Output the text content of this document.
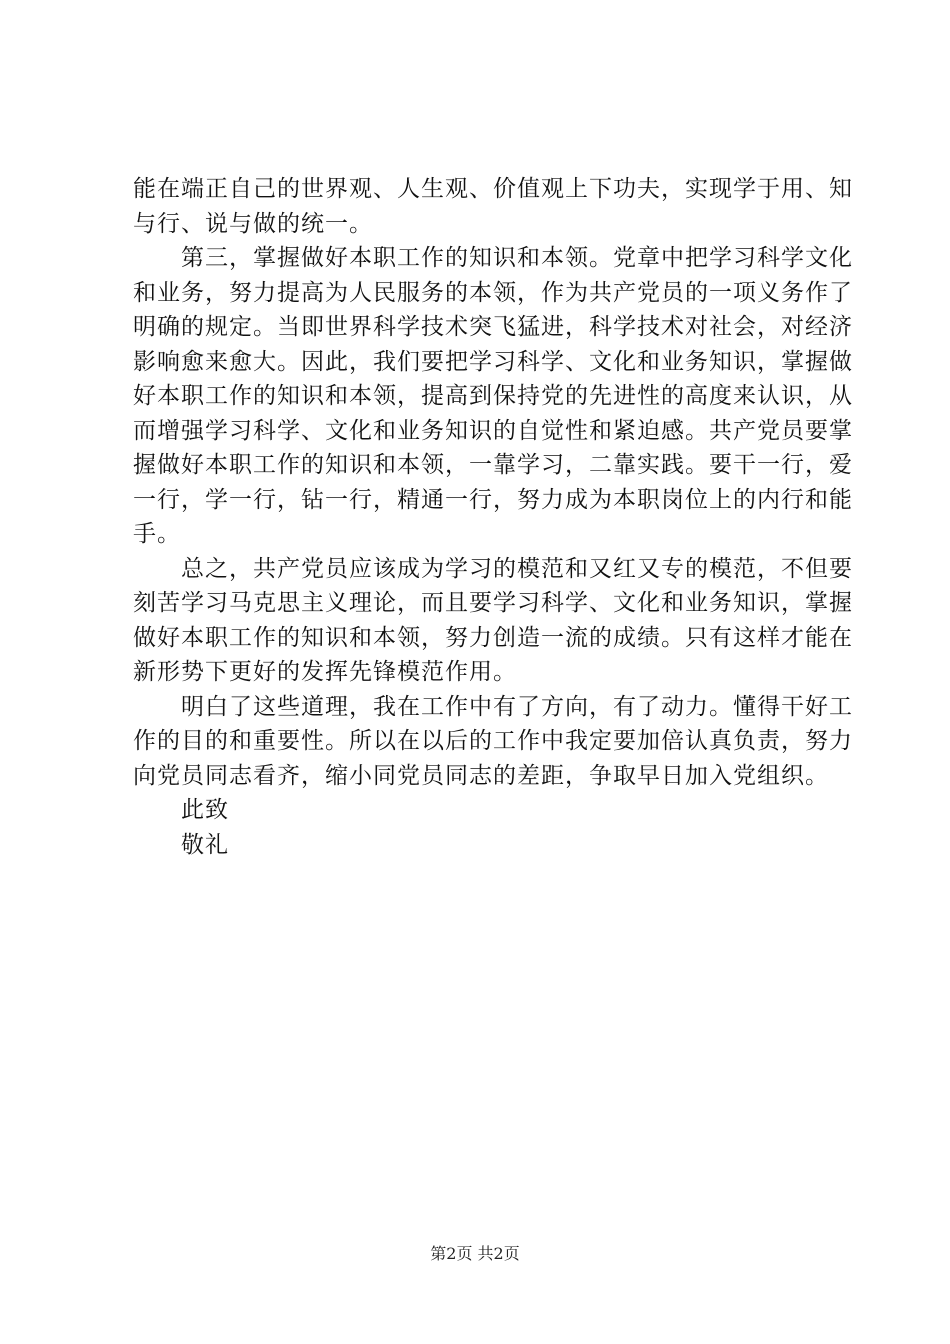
能在端正自己的世界观、人生观、价值观上下功夫，实现学于用、知与行、说与做的统一。

第三，掌握做好本职工作的知识和本领。党章中把学习科学文化和业务，努力提高为人民服务的本领，作为共产党员的一项义务作了明确的规定。当即世界科学技术突飞猛进，科学技术对社会，对经济影响愈来愈大。因此，我们要把学习科学、文化和业务知识，掌握做好本职工作的知识和本领，提高到保持党的先进性的高度来认识，从而增强学习科学、文化和业务知识的自觉性和紧迫感。共产党员要掌握做好本职工作的知识和本领，一靠学习，二靠实践。要干一行，爱一行，学一行，钻一行，精通一行，努力成为本职岗位上的内行和能手。

总之，共产党员应该成为学习的模范和又红又专的模范，不但要刻苦学习马克思主义理论，而且要学习科学、文化和业务知识，掌握做好本职工作的知识和本领，努力创造一流的成绩。只有这样才能在新形势下更好的发挥先锋模范作用。

明白了这些道理，我在工作中有了方向，有了动力。懂得干好工作的目的和重要性。所以在以后的工作中我定要加倍认真负责，努力向党员同志看齐，缩小同党员同志的差距，争取早日加入党组织。

此致

敬礼

第2页 共2页
